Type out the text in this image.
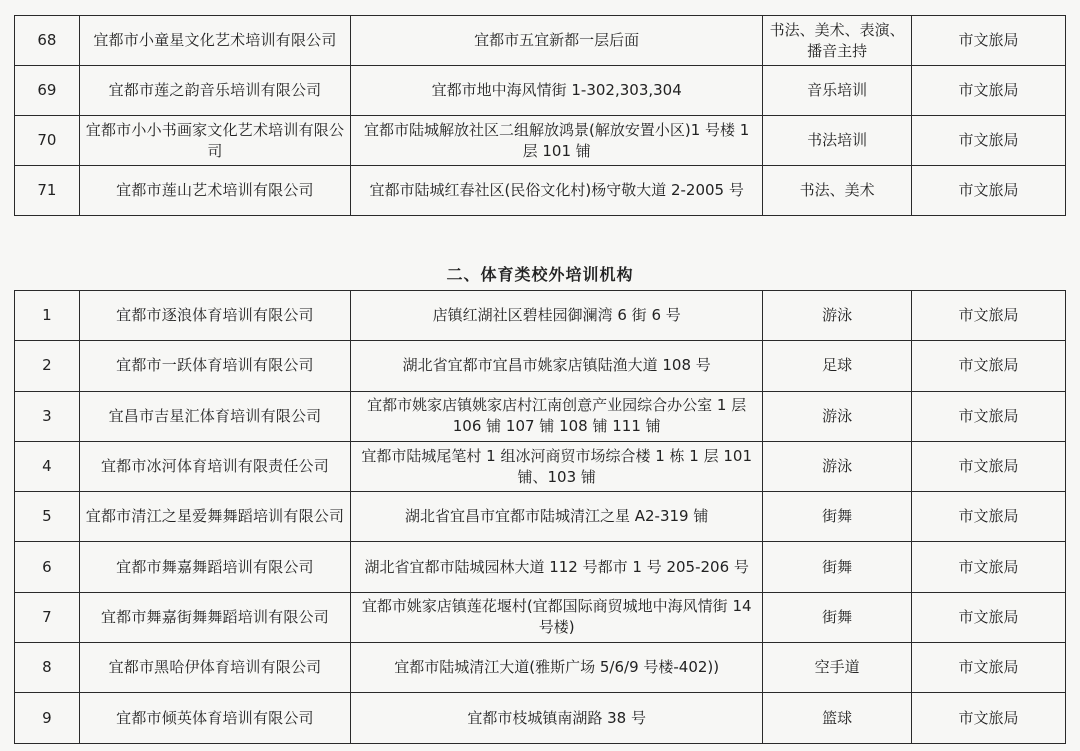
68	宜都市小童星文化艺术培训有限公司	宜都市五宜新都一层后面	书法、美术、表演、播音主持	市文旅局
69	宜都市莲之韵音乐培训有限公司	宜都市地中海风情街 1-302,303,304	音乐培训	市文旅局
70	宜都市小小书画家文化艺术培训有限公司	宜都市陆城解放社区二组解放鸿景(解放安置小区)1 号楼 1 层 101 铺	书法培训	市文旅局
71	宜都市莲山艺术培训有限公司	宜都市陆城红春社区(民俗文化村)杨守敬大道 2-2005 号	书法、美术	市文旅局
二、体育类校外培训机构
1	宜都市逐浪体育培训有限公司	店镇红湖社区碧桂园御澜湾 6 街 6 号	游泳	市文旅局
2	宜都市一跃体育培训有限公司	湖北省宜都市宜昌市姚家店镇陆渔大道 108 号	足球	市文旅局
3	宜昌市吉星汇体育培训有限公司	宜都市姚家店镇姚家店村江南创意产业园综合办公室 1 层 106 铺 107 铺 108 铺 111 铺	游泳	市文旅局
4	宜都市冰河体育培训有限责任公司	宜都市陆城尾笔村 1 组冰河商贸市场综合楼 1 栋 1 层 101 铺、103 铺	游泳	市文旅局
5	宜都市清江之星爱舞舞蹈培训有限公司	湖北省宜昌市宜都市陆城清江之星 A2-319 铺	街舞	市文旅局
6	宜都市舞嘉舞蹈培训有限公司	湖北省宜都市陆城园林大道 112 号都市 1 号 205-206 号	街舞	市文旅局
7	宜都市舞嘉街舞舞蹈培训有限公司	宜都市姚家店镇莲花堰村(宜都国际商贸城地中海风情街 14 号楼)	街舞	市文旅局
8	宜都市黑哈伊体育培训有限公司	宜都市陆城清江大道(雅斯广场 5/6/9 号楼-402))	空手道	市文旅局
9	宜都市倾英体育培训有限公司	宜都市枝城镇南湖路 38 号	篮球	市文旅局
